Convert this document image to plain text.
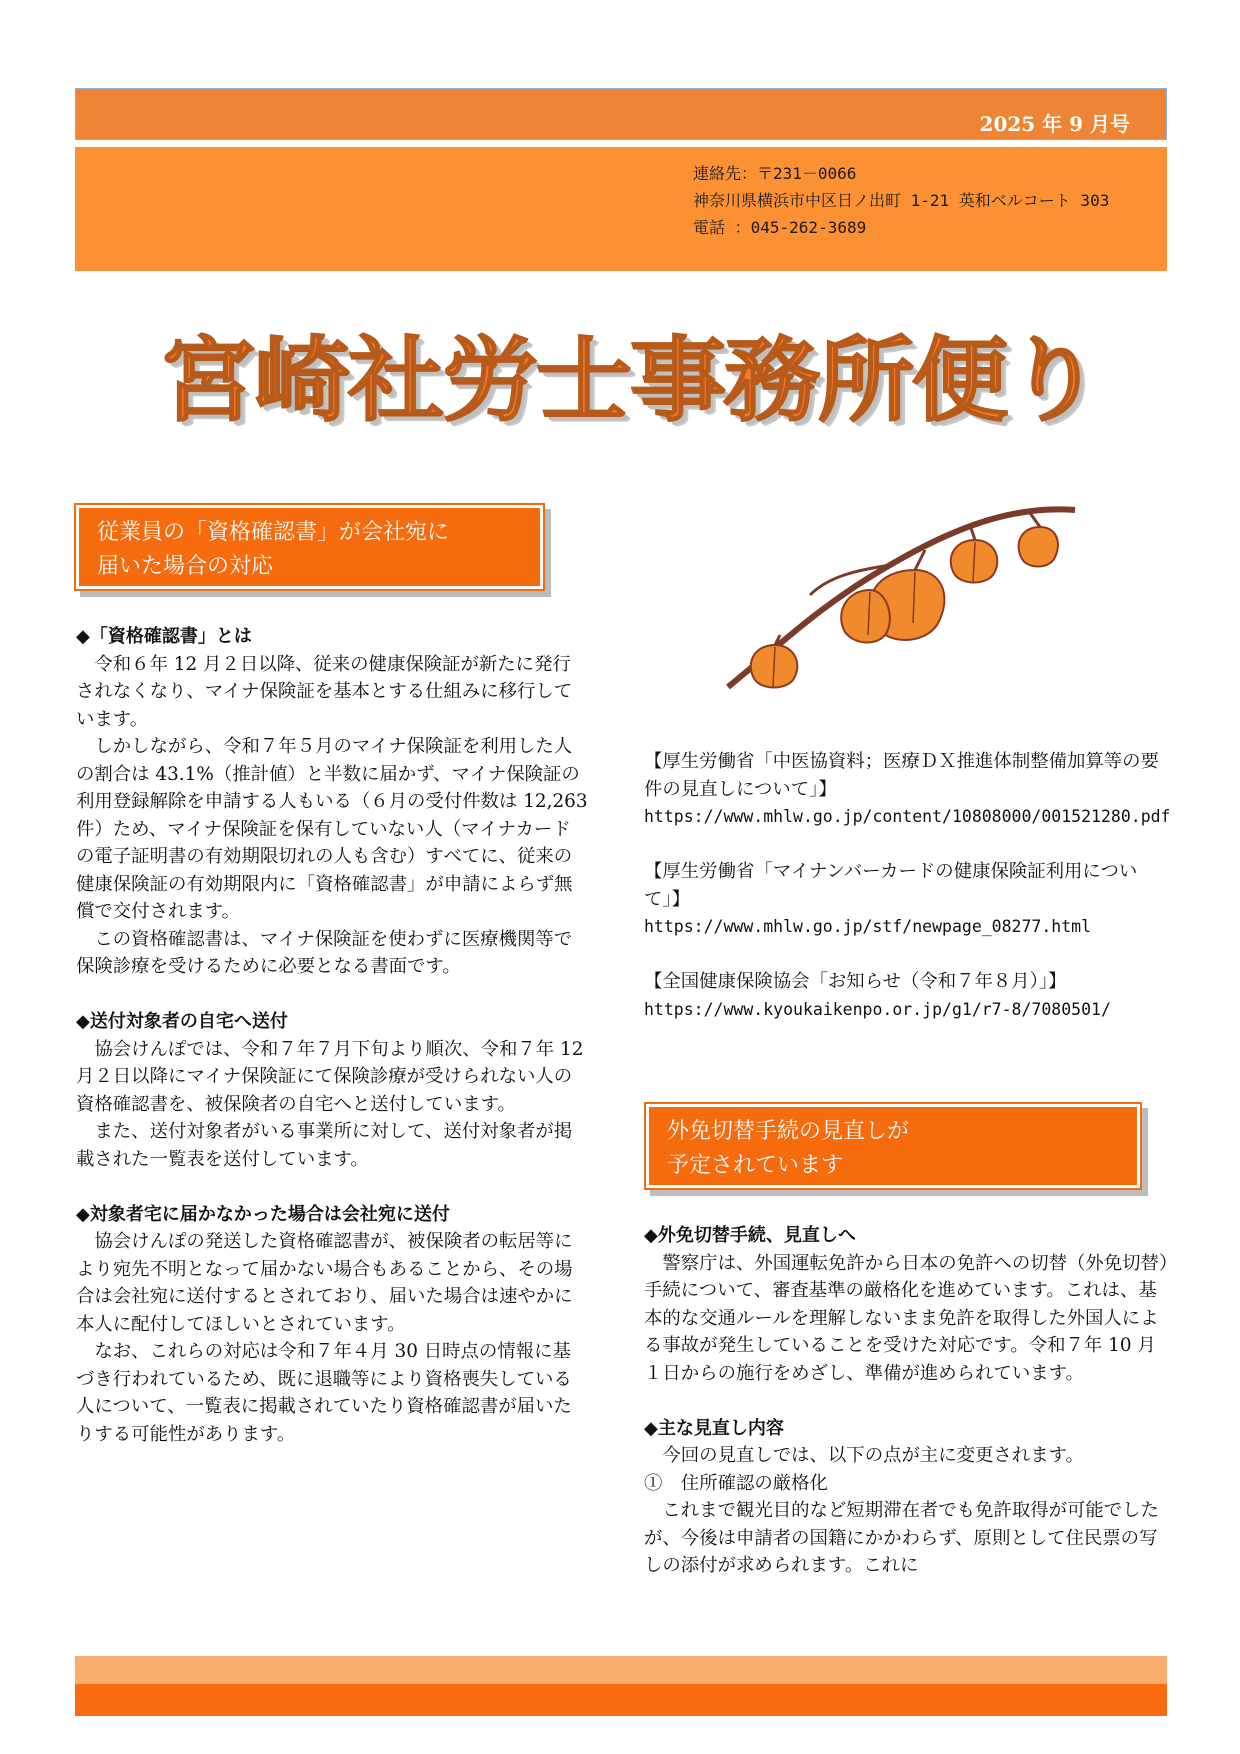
2025 年 9 月号
連絡先：〒231－0066
神奈川県横浜市中区日ノ出町 1-21 英和ベルコート 303
電話 ：045-262-3689
宮崎社労士事務所便り
従業員の「資格確認書」が会社宛に
届いた場合の対応

◆「資格確認書」とは

令和６年 12 月２日以降、従来の健康保険証が新たに発行されなくなり、マイナ保険証を基本とする仕組みに移行しています。

しかしながら、令和７年５月のマイナ保険証を利用した人の割合は 43.1%（推計値）と半数に届かず、マイナ保険証の利用登録解除を申請する人もいる（６月の受付件数は 12,263 件）ため、マイナ保険証を保有していない人（マイナカードの電子証明書の有効期限切れの人も含む）すべてに、従来の健康保険証の有効期限内に「資格確認書」が申請によらず無償で交付されます。

この資格確認書は、マイナ保険証を使わずに医療機関等で保険診療を受けるために必要となる書面です。

◆送付対象者の自宅へ送付

協会けんぽでは、令和７年７月下旬より順次、令和７年 12 月２日以降にマイナ保険証にて保険診療が受けられない人の資格確認書を、被保険者の自宅へと送付しています。

また、送付対象者がいる事業所に対して、送付対象者が掲載された一覧表を送付しています。

◆対象者宅に届かなかった場合は会社宛に送付

協会けんぽの発送した資格確認書が、被保険者の転居等により宛先不明となって届かない場合もあることから、その場合は会社宛に送付するとされており、届いた場合は速やかに本人に配付してほしいとされています。

なお、これらの対応は令和７年４月 30 日時点の情報に基づき行われているため、既に退職等により資格喪失している人について、一覧表に掲載されていたり資格確認書が届いたりする可能性があります。

【厚生労働省「中医協資料；医療ＤＸ推進体制整備加算等の要件の見直しについて」】

https://www.mhlw.go.jp/content/10808000/001521280.pdf

【厚生労働省「マイナンバーカードの健康保険証利用について」】

https://www.mhlw.go.jp/stf/newpage_08277.html

【全国健康保険協会「お知らせ（令和７年８月）」】

https://www.kyoukaikenpo.or.jp/g1/r7-8/7080501/

外免切替手続の見直しが
予定されています

◆外免切替手続、見直しへ

警察庁は、外国運転免許から日本の免許への切替（外免切替）手続について、審査基準の厳格化を進めています。これは、基本的な交通ルールを理解しないまま免許を取得した外国人による事故が発生していることを受けた対応です。令和７年 10 月１日からの施行をめざし、準備が進められています。

◆主な見直し内容

今回の見直しでは、以下の点が主に変更されます。

①　住所確認の厳格化

これまで観光目的など短期滞在者でも免許取得が可能でしたが、今後は申請者の国籍にかかわらず、原則として住民票の写しの添付が求められます。これに
